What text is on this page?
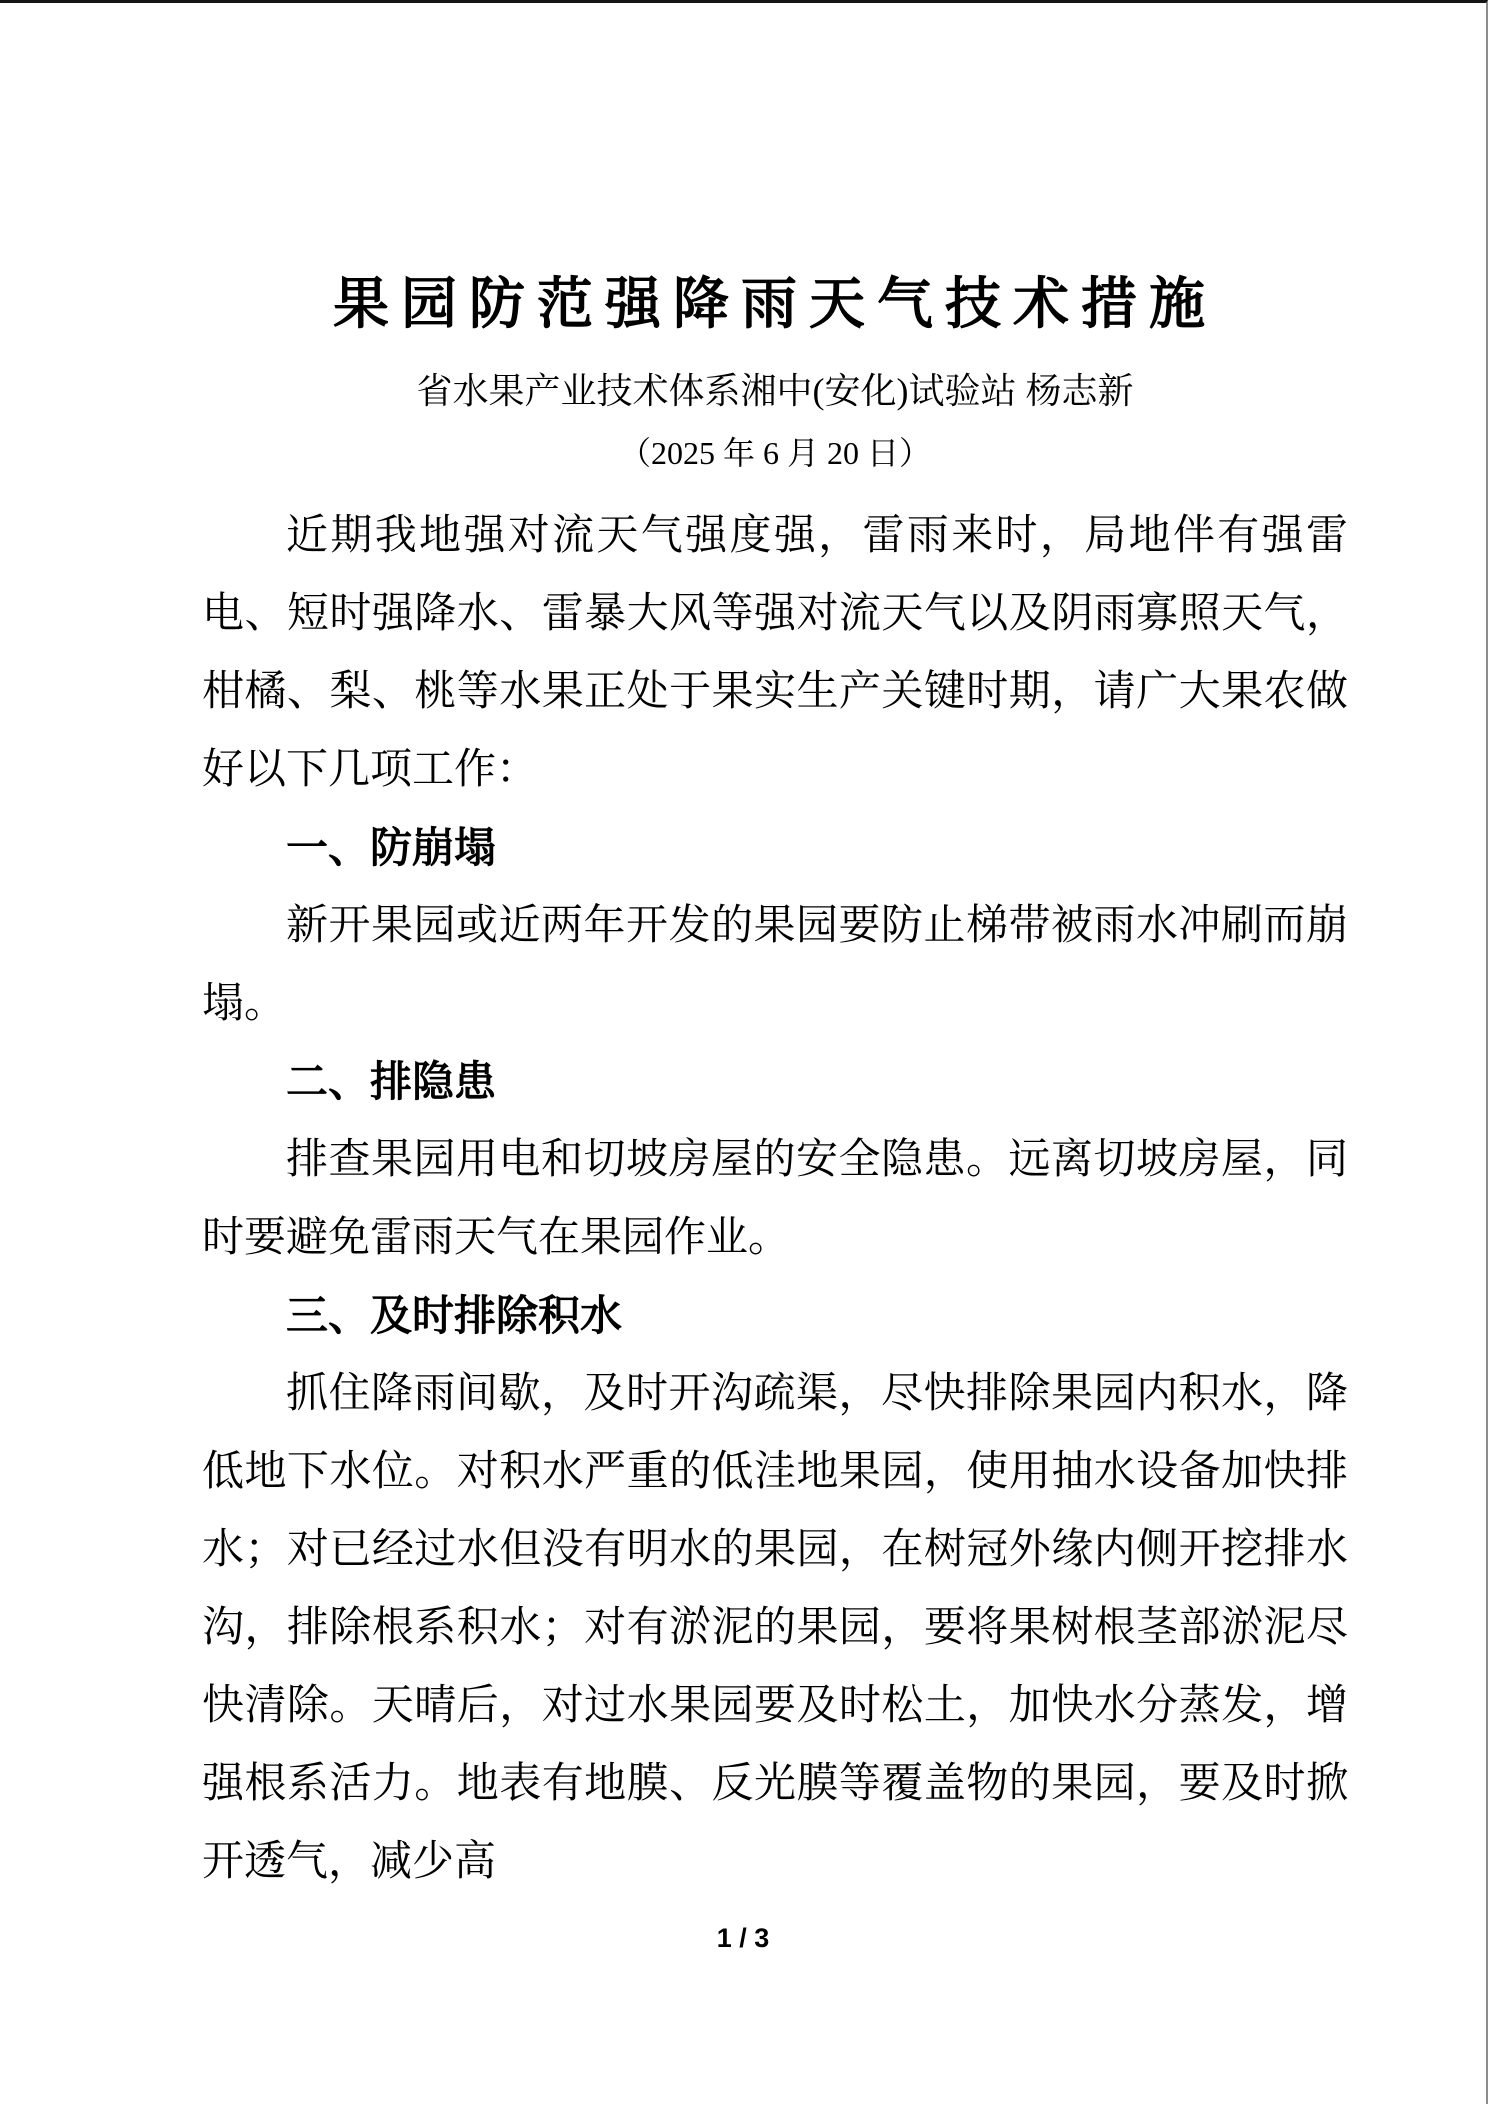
果园防范强降雨天气技术措施
省水果产业技术体系湘中(安化)试验站 杨志新
（2025 年 6 月 20 日）
近期我地强对流天气强度强，雷雨来时，局地伴有强雷电、短时强降水、雷暴大风等强对流天气以及阴雨寡照天气，柑橘、梨、桃等水果正处于果实生产关键时期，请广大果农做好以下几项工作：
一、防崩塌
新开果园或近两年开发的果园要防止梯带被雨水冲刷而崩塌。
二、排隐患
排查果园用电和切坡房屋的安全隐患。远离切坡房屋，同时要避免雷雨天气在果园作业。
三、及时排除积水
抓住降雨间歇，及时开沟疏渠，尽快排除果园内积水，降低地下水位。对积水严重的低洼地果园，使用抽水设备加快排水；对已经过水但没有明水的果园，在树冠外缘内侧开挖排水沟，排除根系积水；对有淤泥的果园，要将果树根茎部淤泥尽快清除。天晴后，对过水果园要及时松土，加快水分蒸发，增强根系活力。地表有地膜、反光膜等覆盖物的果园，要及时掀开透气，减少高
1 / 3
